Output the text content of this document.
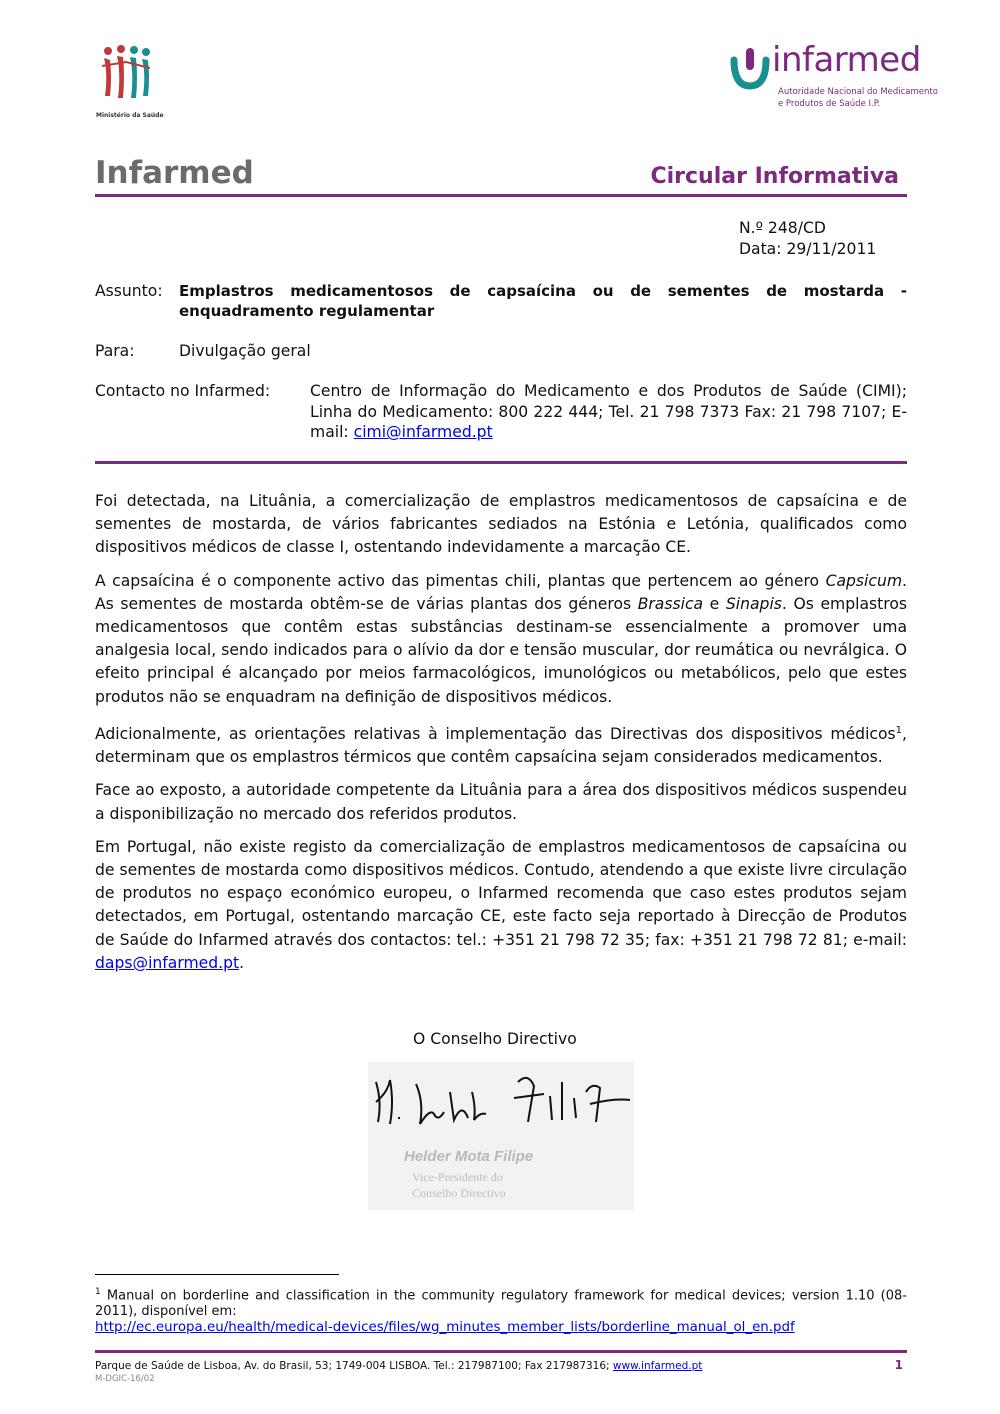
Ministério da Saúde
infarmed
Autoridade Nacional do Medicamento
e Produtos de Saúde I.P.
Infarmed	Circular Informativa
N.º 248/CD
Data: 29/11/2011
Assunto: Emplastros medicamentosos de capsaícina ou de sementes de mostarda -
enquadramento regulamentar
Para:	Divulgação geral
Contacto no Infarmed:	Centro de Informação do Medicamento e dos Produtos de Saúde (CIMI); Linha do Medicamento: 800 222 444; Tel. 21 798 7373 Fax: 21 798 7107; E-mail: cimi@infarmed.pt

Foi detectada, na Lituânia, a comercialização de emplastros medicamentosos de capsaícina e de sementes de mostarda, de vários fabricantes sediados na Estónia e Letónia, qualificados como dispositivos médicos de classe I, ostentando indevidamente a marcação CE.

A capsaícina é o componente activo das pimentas chili, plantas que pertencem ao género Capsicum. As sementes de mostarda obtêm-se de várias plantas dos géneros Brassica e Sinapis. Os emplastros medicamentosos que contêm estas substâncias destinam-se essencialmente a promover uma analgesia local, sendo indicados para o alívio da dor e tensão muscular, dor reumática ou nevrálgica. O efeito principal é alcançado por meios farmacológicos, imunológicos ou metabólicos, pelo que estes produtos não se enquadram na definição de dispositivos médicos.

Adicionalmente, as orientações relativas à implementação das Directivas dos dispositivos médicos$^1$, determinam que os emplastros térmicos que contêm capsaícina sejam considerados medicamentos.

Face ao exposto, a autoridade competente da Lituânia para a área dos dispositivos médicos suspendeu a disponibilização no mercado dos referidos produtos.

Em Portugal, não existe registo da comercialização de emplastros medicamentosos de capsaícina ou de sementes de mostarda como dispositivos médicos. Contudo, atendendo a que existe livre circulação de produtos no espaço económico europeu, o Infarmed recomenda que caso estes produtos sejam detectados, em Portugal, ostentando marcação CE, este facto seja reportado à Direcção de Produtos de Saúde do Infarmed através dos contactos: tel.: +351 21 798 72 35; fax: +351 21 798 72 81; e-mail: daps@infarmed.pt.

O Conselho Directivo
Helder Mota Filipe
Vice-Presidente do
Conselho Directivo
$^1$ Manual on borderline and classification in the community regulatory framework for medical devices; version 1.10 (08-2011), disponível em:
http://ec.europa.eu/health/medical-devices/files/wg_minutes_member_lists/borderline_manual_ol_en.pdf
Parque de Saúde de Lisboa, Av. do Brasil, 53; 1749-004 LISBOA. Tel.: 217987100; Fax 217987316; www.infarmed.pt	1
M-DGIC-16/02
